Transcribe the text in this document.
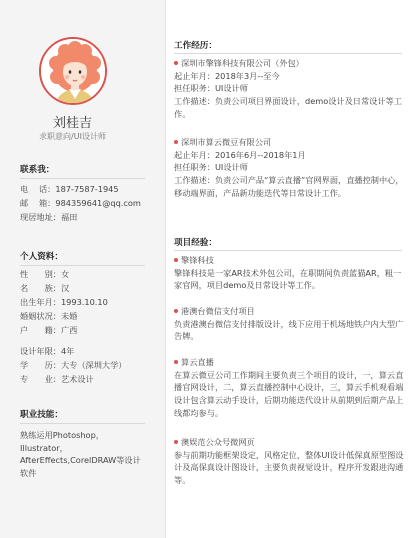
刘桂吉
求职意向/UI设计师
联系我：
电　 话：187-7587-1945
邮　 箱：984359641@qq.com
现居地址：福田
个人资料：
性　　别：女
名　　族：汉
出生年月：1993.10.10
婚姻状况：未婚
户　　籍：广西
设计年限：4年
学　　历：大专（深圳大学）
专　　业：艺术设计
职业技能：
熟练运用Photoshop，Illustrator，AfterEffects,CorelDRAW等设计软件
工作经历：
深圳市擎锋科技有限公司（外包）
起止年月：2018年3月--至今
担任职务：UI设计师
工作描述：负责公司项目界面设计，demo设计及日常设计等工作。
深圳市算云微豆有限公司
起止年月：2016年6月--2018年1月
担任职务：UI设计师
工作描述：负责公司产品“算云直播”官网界面，直播控制中心，移动端界面，产品新功能迭代等日常设计工作。
项目经验：
擎锋科技
擎锋科技是一家AR技术外包公司，在职期间负责蓝猫AR，粗一家官网，项目demo及日常设计等工作。
港澳台微信支付项目
负责港澳台微信支付排版设计，线下应用于机场地铁户内大型广告牌。
算云直播
在算云微豆公司工作期间主要负责三个项目的设计，一，算云直播官网设计，二，算云直播控制中心设计，三，算云手机观看端设计包含算云动手设计，后期功能迭代设计从前期到后期产品上线都均参与。
澳娱范公众号微网页
参与前期功能框架设定，风格定位，整体UI设计低保真原型图设计及高保真设计图设计，主要负责视觉设计，程序开发跟进沟通等。
